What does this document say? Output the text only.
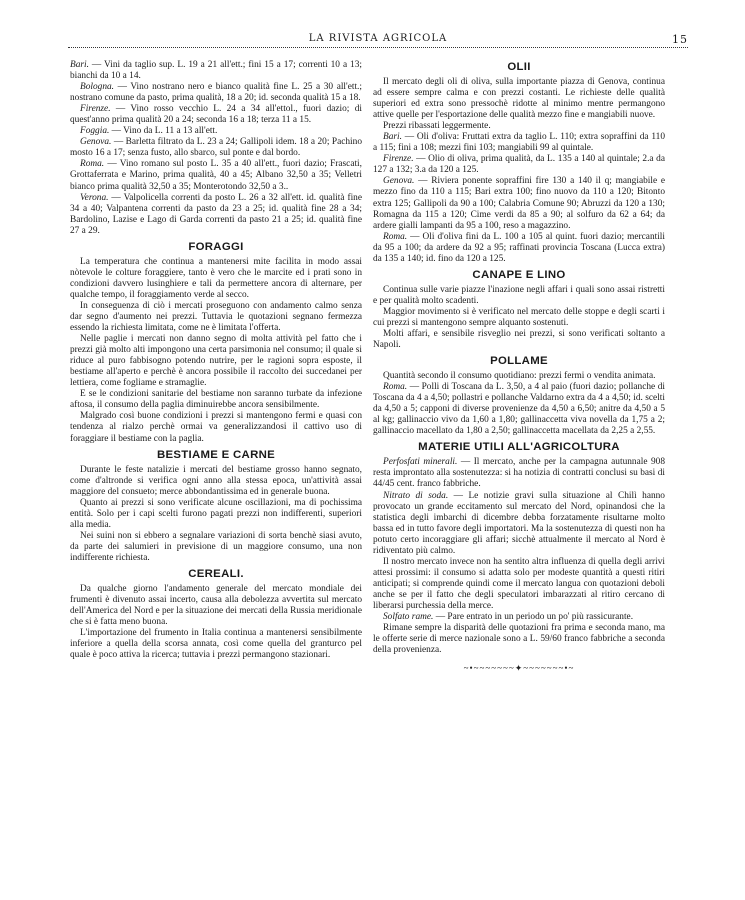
LA RIVISTA AGRICOLA	15

Bari. — Vini da taglio sup. L. 19 a 21 all'ett.; fini 15 a 17; correnti 10 a 13; bianchi da 10 a 14.

Bologna. — Vino nostrano nero e bianco qualità fine L. 25 a 30 all'ett.; nostrano comune da pasto, prima qualità, 18 a 20; id. seconda qualità 15 a 18.

Firenze. — Vino rosso vecchio L. 24 a 34 all'ettol., fuori dazio; di quest'anno prima qualità 20 a 24; seconda 16 a 18; terza 11 a 15.

Foggia. — Vino da L. 11 a 13 all'ett.

Genova. — Barletta filtrato da L. 23 a 24; Gallipoli idem. 18 a 20; Pachino mosto 16 a 17; senza fusto, allo sbarco, sul ponte e dal bordo.

Roma. — Vino romano sul posto L. 35 a 40 all'ett., fuori dazio; Frascati, Grottaferrata e Marino, prima qualità, 40 a 45; Albano 32,50 a 35; Velletri bianco prima qualità 32,50 a 35; Monterotondo 32,50 a 3..

Verona. — Valpolicella correnti da posto L. 26 a 32 all'ett. id. qualità fine 34 a 40; Valpantena correnti da pasto da 23 a 25; id. qualità fine 28 a 34; Bardolino, Lazise e Lago di Garda correnti da pasto 21 a 25; id. qualità fine 27 a 29.

FORAGGI

La temperatura che continua a mantenersi mite facilita in modo assai nòtevole le colture foraggiere, tanto è vero che le marcite ed i prati sono in condizioni davvero lusinghiere e tali da permettere ancora di alternare, per qualche tempo, il foraggiamento verde al secco.

In conseguenza di ciò i mercati proseguono con andamento calmo senza dar segno d'aumento nei prezzi. Tuttavia le quotazioni segnano fermezza essendo la richiesta limitata, come ne è limitata l'offerta.

Nelle paglie i mercati non danno segno di molta attività pel fatto che i prezzi già molto alti impongono una certa parsimonia nel consumo; il quale si riduce al puro fabbisogno potendo nutrire, per le ragioni sopra esposte, il bestiame all'aperto e perchè è ancora possibile il raccolto dei succedanei per lettiera, come fogliame e stramaglie.

E se le condizioni sanitarie del bestiame non saranno turbate da infezione aftosa, il consumo della paglia diminuirebbe ancora sensibilmente.

Malgrado così buone condizioni i prezzi si mantengono fermi e quasi con tendenza al rialzo perchè ormai va generalizzandosi il cattivo uso di foraggiare il bestiame con la paglia.

BESTIAME E CARNE

Durante le feste natalizie i mercati del bestiame grosso hanno segnato, come d'altronde si verifica ogni anno alla stessa epoca, un'attività assai maggiore del consueto; merce abbondantissima ed in generale buona.

Quanto ai prezzi si sono verificate alcune oscillazioni, ma di pochissima entità. Solo per i capi scelti furono pagati prezzi non indifferenti, superiori alla media.

Nei suini non si ebbero a segnalare variazioni di sorta benchè siasi avuto, da parte dei salumieri in previsione di un maggiore consumo, una non indifferente richiesta.

CEREALI.

Da qualche giorno l'andamento generale del mercato mondiale dei frumenti è divenuto assai incerto, causa alla debolezza avvertita sul mercato dell'America del Nord e per la situazione dei mercati della Russia meridionale che si è fatta meno buona.

L'importazione del frumento in Italia continua a mantenersi sensibilmente inferiore a quella della scorsa annata, così come quella del granturco pel quale è poco attiva la ricerca; tuttavia i prezzi permangono stazionari.

OLII

Il mercato degli oli di oliva, sulla importante piazza di Genova, continua ad essere sempre calma e con prezzi costanti. Le richieste delle qualità superiori ed extra sono pressochè ridotte al minimo mentre permangono attive quelle per l'esportazione delle qualità mezzo fine e mangiabili nuove.

Prezzi ribassati leggermente.

Bari. — Oli d'oliva: Fruttati extra da taglio L. 110; extra sopraffini da 110 a 115; fini a 108; mezzi fini 103; mangiabili 99 al quintale.

Firenze. — Olio di oliva, prima qualità, da L. 135 a 140 al quintale; 2.a da 127 a 132; 3.a da 120 a 125.

Genova. — Riviera ponente sopraffini fire 130 a 140 il q; mangiabile e mezzo fino da 110 a 115; Bari extra 100; fino nuovo da 110 a 120; Bitonto extra 125; Gallipoli da 90 a 100; Calabria Comune 90; Abruzzi da 120 a 130; Romagna da 115 a 120; Cime verdi da 85 a 90; al solfuro da 62 a 64; da ardere gialli lampanti da 95 a 100, reso a magazzino.

Roma. — Oli d'oliva fini da L. 100 a 105 al quint. fuori dazio; mercantili da 95 a 100; da ardere da 92 a 95; raffinati provincia Toscana (Lucca extra) da 135 a 140; id. fino da 120 a 125.

CANAPE E LINO

Continua sulle varie piazze l'inazione negli affari i quali sono assai ristretti e per qualità molto scadenti.

Maggior movimento si è verificato nel mercato delle stoppe e degli scarti i cui prezzi si mantengono sempre alquanto sostenuti.

Molti affari, e sensibile risveglio nei prezzi, si sono verificati soltanto a Napoli.

POLLAME

Quantità secondo il consumo quotidiano: prezzi fermi o vendita animata.

Roma. — Polli di Toscana da L. 3,50, a 4 al paio (fuori dazio; pollanche di Toscana da 4 a 4,50; pollastri e pollanche Valdarno extra da 4 a 4,50; id. scelti da 4,50 a 5; capponi di diverse provenienze da 4,50 a 6,50; anitre da 4,50 a 5 al kg; gallinaccio vivo da 1,60 a 1,80; gallinaccetta viva novella da 1,75 a 2; gallinaccio macellato da 1,80 a 2,50; gallinaccetta macellata da 2,25 a 2,55.

MATERIE UTILI ALL'AGRICOLTURA

Perfosfati minerali. — Il mercato, anche per la campagna autunnale 908 resta improntato alla sostenutezza: si ha notizia di contratti conclusi su basi di 44/45 cent. franco fabbriche.

Nitrato di soda. — Le notizie gravi sulla situazione al Chilì hanno provocato un grande eccitamento sul mercato del Nord, opinandosi che la statistica degli imbarchi di dicembre debba forzatamente risultarne molto bassa ed in tutto favore degli importatori. Ma la sostenutezza di questi non ha potuto certo incoraggiare gli affari; sicchè attualmente il mercato al Nord è ridiventato più calmo.

Il nostro mercato invece non ha sentito altra influenza di quella degli arrivi attesi prossimi: il consumo si adatta solo per modeste quantità a questi ritiri anticipati; si comprende quindi come il mercato langua con quotazioni deboli anche se per il fatto che degli speculatori imbarazzati al ritiro cercano di liberarsi purchessia della merce.

Solfato rame. — Pare entrato in un periodo un po' più rassicurante.

Rimane sempre la disparità delle quotazioni fra prima e seconda mano, ma le offerte serie di merce nazionale sono a L. 59/60 franco fabbriche a seconda della provenienza.

~•~~~~~~~✦~~~~~~~•~
